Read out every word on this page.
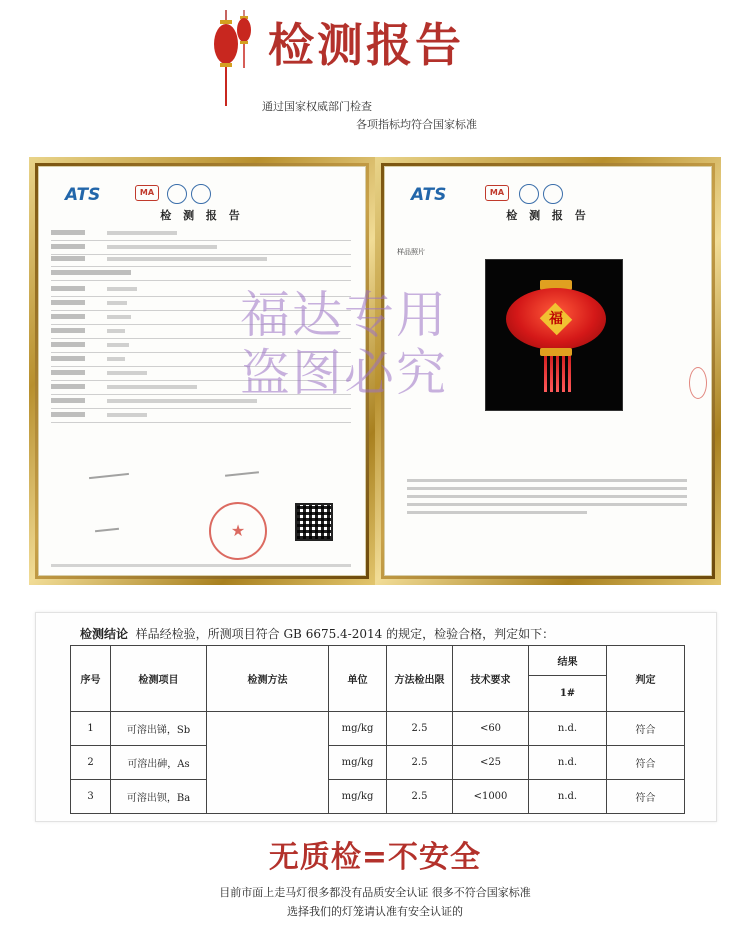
检测报告
通过国家权威部门检查
各项指标均符合国家标准
ATS	MA
检 测 报 告
★
ATS	MA
检 测 报 告
样品照片
福
福达专用
盗图必究
检测结论 样品经检验，所测项目符合 GB 6675.4-2014 的规定，检验合格，判定如下：
序号	检测项目	检测方法	单位	方法检出限	技术要求	结果	判定
						1#	
1	可溶出锑，Sb		mg/kg	2.5	<60	n.d.	符合
2	可溶出砷，As		mg/kg	2.5	<25	n.d.	符合
3	可溶出钡，Ba		mg/kg	2.5	<1000	n.d.	符合
无质检=不安全
目前市面上走马灯很多都没有品质安全认证 很多不符合国家标准
选择我们的灯笼请认准有安全认证的
